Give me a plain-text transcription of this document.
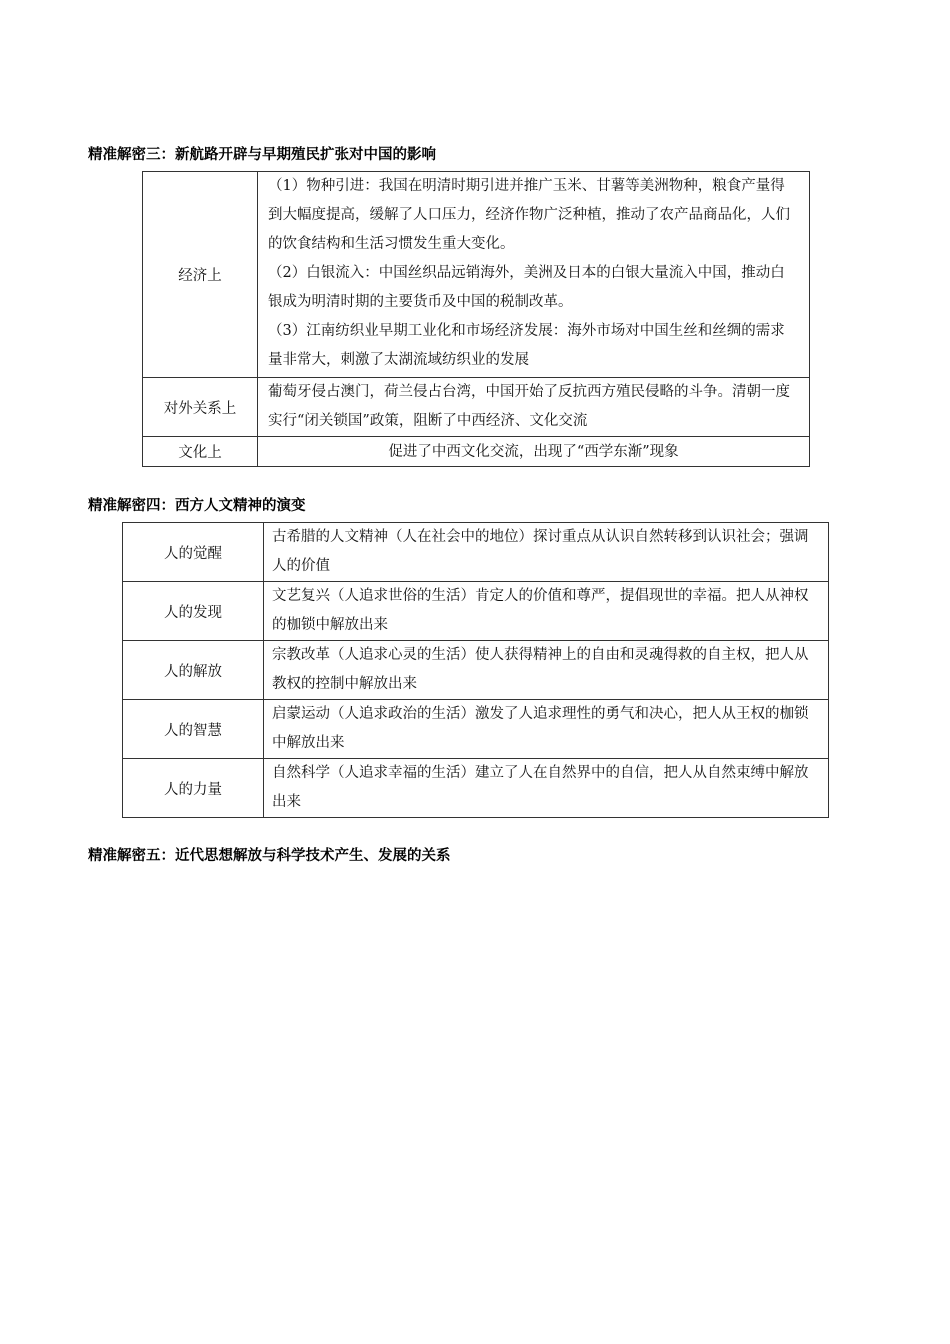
精准解密三：新航路开辟与早期殖民扩张对中国的影响
经济上	（1）物种引进：我国在明清时期引进并推广玉米、甘薯等美洲物种，粮食产量得到大幅度提高，缓解了人口压力，经济作物广泛种植，推动了农产品商品化，人们的饮食结构和生活习惯发生重大变化。
（2）白银流入：中国丝织品远销海外，美洲及日本的白银大量流入中国，推动白银成为明清时期的主要货币及中国的税制改革。
（3）江南纺织业早期工业化和市场经济发展：海外市场对中国生丝和丝绸的需求量非常大，刺激了太湖流域纺织业的发展

对外关系上	葡萄牙侵占澳门，荷兰侵占台湾，中国开始了反抗西方殖民侵略的斗争。清朝一度实行“闭关锁国”政策，阻断了中西经济、文化交流
文化上	促进了中西文化交流，出现了“西学东渐”现象
精准解密四：西方人文精神的演变
人的觉醒	古希腊的人文精神（人在社会中的地位）探讨重点从认识自然转移到认识社会；强调人的价值
人的发现	文艺复兴（人追求世俗的生活）肯定人的价值和尊严，提倡现世的幸福。把人从神权的枷锁中解放出来
人的解放	宗教改革（人追求心灵的生活）使人获得精神上的自由和灵魂得救的自主权，把人从教权的控制中解放出来
人的智慧	启蒙运动（人追求政治的生活）激发了人追求理性的勇气和决心，把人从王权的枷锁中解放出来
人的力量	自然科学（人追求幸福的生活）建立了人在自然界中的自信，把人从自然束缚中解放出来
精准解密五：近代思想解放与科学技术产生、发展的关系
